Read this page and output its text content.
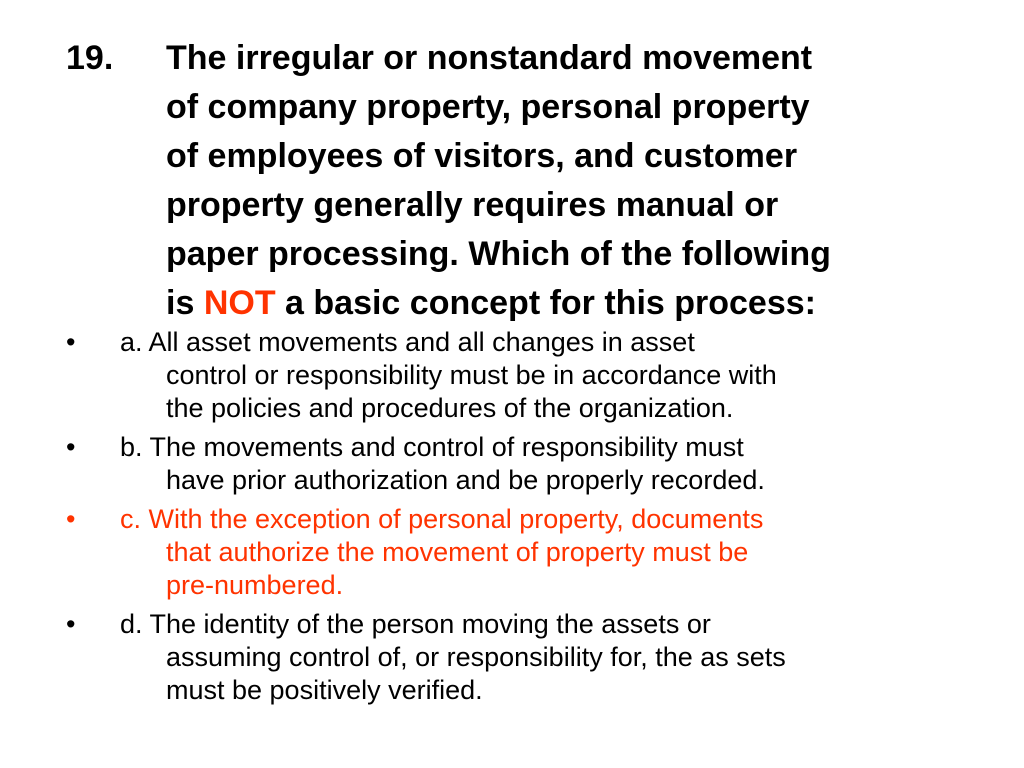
19. The irregular or nonstandard movement

of company property, personal property

of employees of visitors, and customer

property generally requires manual or

paper processing. Which of the following

is NOT a basic concept for this process:

• a. All asset movements and all changes in asset
control or responsibility must be in accordance with
the policies and procedures of the organization.
• b. The movements and control of responsibility must
have prior authorization and be properly recorded.
• c. With the exception of personal property, documents
that authorize the movement of property must be
pre-numbered.
• d. The identity of the person moving the assets or
assuming control of, or responsibility for, the as sets
must be positively verified.
